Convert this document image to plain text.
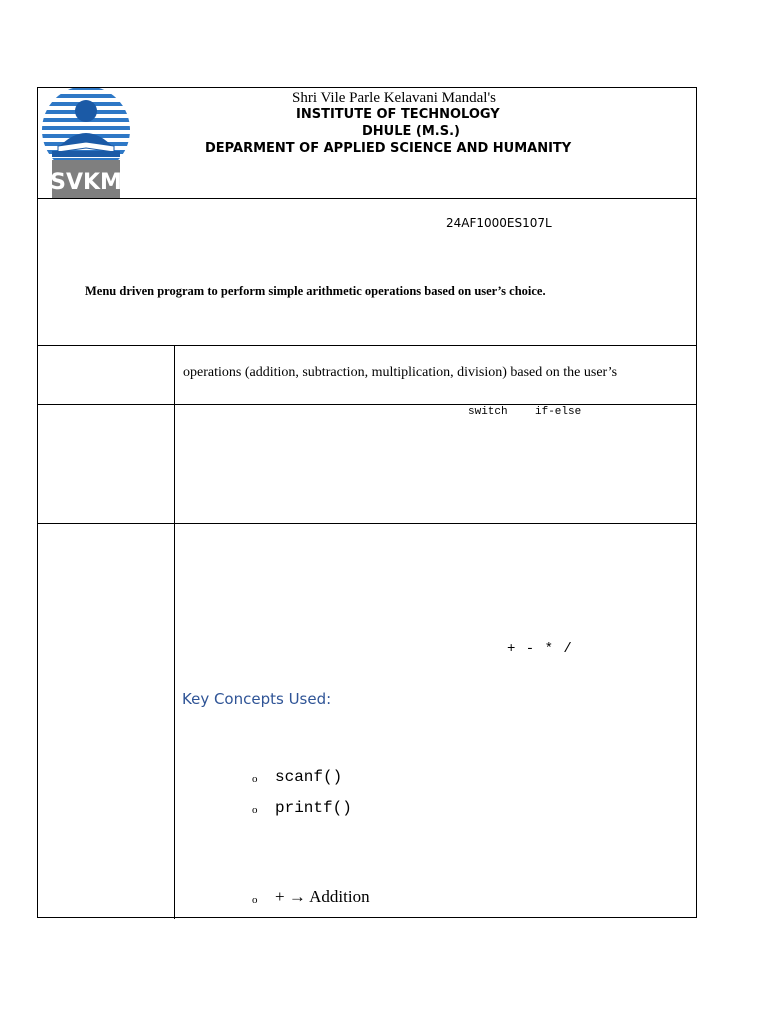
SVKM
Shri Vile Parle Kelavani Mandal's
INSTITUTE OF TECHNOLOGY
DHULE (M.S.)
DEPARMENT OF APPLIED SCIENCE AND HUMANITY
24AF1000ES107L
Menu driven program to perform simple arithmetic operations based on user’s choice.
operations (addition, subtraction, multiplication, division) based on the user’s
switch if-else
+ - * /
Key Concepts Used:
o scanf()
o printf()
o + → Addition
